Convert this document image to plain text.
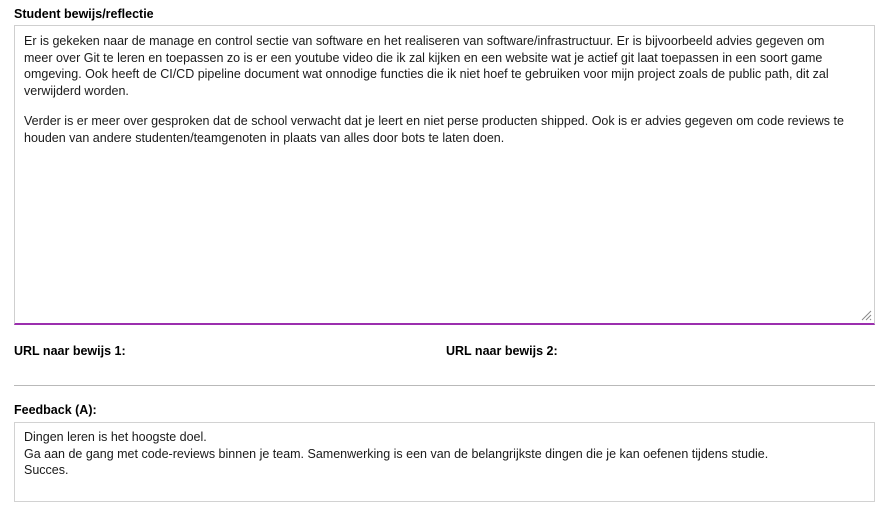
Student bewijs/reflectie

Er is gekeken naar de manage en control sectie van software en het realiseren van software/infrastructuur. Er is bijvoorbeeld advies gegeven om meer over Git te leren en toepassen zo is er een youtube video die ik zal kijken en een website wat je actief git laat toepassen in een soort game omgeving. Ook heeft de CI/CD pipeline document wat onnodige functies die ik niet hoef te gebruiken voor mijn project zoals de public path, dit zal verwijderd worden.

Verder is er meer over gesproken dat de school verwacht dat je leert en niet perse producten shipped. Ook is er advies gegeven om code reviews te houden van andere studenten/teamgenoten in plaats van alles door bots te laten doen.

URL naar bewijs 1:	URL naar bewijs 2:
Feedback (A):
Dingen leren is het hoogste doel.
Ga aan de gang met code-reviews binnen je team. Samenwerking is een van de belangrijkste dingen die je kan oefenen tijdens studie.
Succes.
